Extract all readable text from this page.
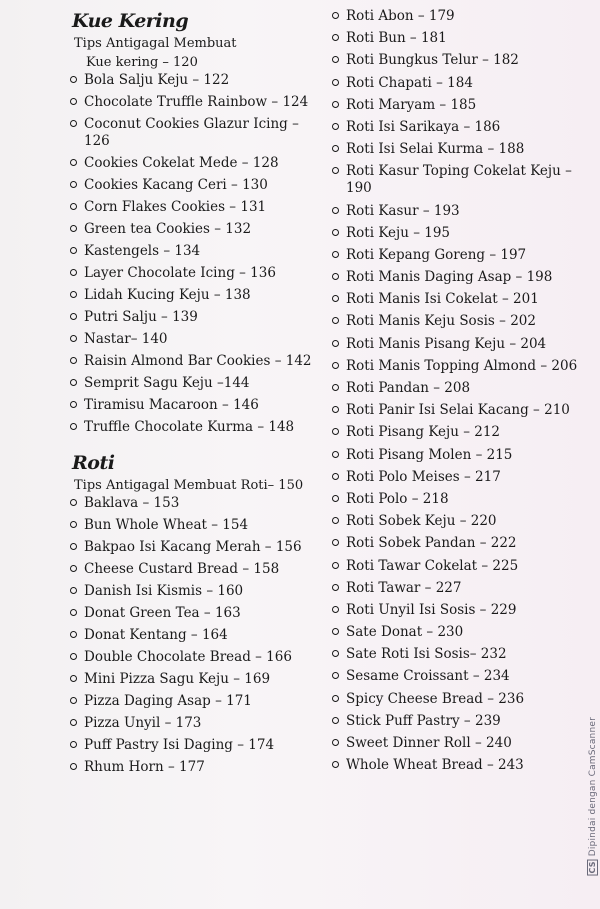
Kue Kering
Tips Antigagal Membuat
Kue kering – 120
Bola Salju Keju – 122
Chocolate Truffle Rainbow – 124
Coconut Cookies Glazur Icing – 126
Cookies Cokelat Mede – 128
Cookies Kacang Ceri – 130
Corn Flakes Cookies – 131
Green tea Cookies – 132
Kastengels – 134
Layer Chocolate Icing – 136
Lidah Kucing Keju – 138
Putri Salju – 139
Nastar– 140
Raisin Almond Bar Cookies – 142
Semprit Sagu Keju –144
Tiramisu Macaroon – 146
Truffle Chocolate Kurma – 148
Roti
Tips Antigagal Membuat Roti– 150
Baklava – 153
Bun Whole Wheat – 154
Bakpao Isi Kacang Merah – 156
Cheese Custard Bread – 158
Danish Isi Kismis – 160
Donat Green Tea – 163
Donat Kentang – 164
Double Chocolate Bread – 166
Mini Pizza Sagu Keju – 169
Pizza Daging Asap – 171
Pizza Unyil – 173
Puff Pastry Isi Daging – 174
Rhum Horn – 177
Roti Abon – 179
Roti Bun – 181
Roti Bungkus Telur – 182
Roti Chapati – 184
Roti Maryam – 185
Roti Isi Sarikaya – 186
Roti Isi Selai Kurma – 188
Roti Kasur Toping Cokelat Keju – 190
Roti Kasur – 193
Roti Keju – 195
Roti Kepang Goreng – 197
Roti Manis Daging Asap – 198
Roti Manis Isi Cokelat – 201
Roti Manis Keju Sosis – 202
Roti Manis Pisang Keju – 204
Roti Manis Topping Almond – 206
Roti Pandan – 208
Roti Panir Isi Selai Kacang – 210
Roti Pisang Keju – 212
Roti Pisang Molen – 215
Roti Polo Meises – 217
Roti Polo – 218
Roti Sobek Keju – 220
Roti Sobek Pandan – 222
Roti Tawar Cokelat – 225
Roti Tawar – 227
Roti Unyil Isi Sosis – 229
Sate Donat – 230
Sate Roti Isi Sosis– 232
Sesame Croissant – 234
Spicy Cheese Bread – 236
Stick Puff Pastry – 239
Sweet Dinner Roll – 240
Whole Wheat Bread – 243
CS Dipindai dengan CamScanner
